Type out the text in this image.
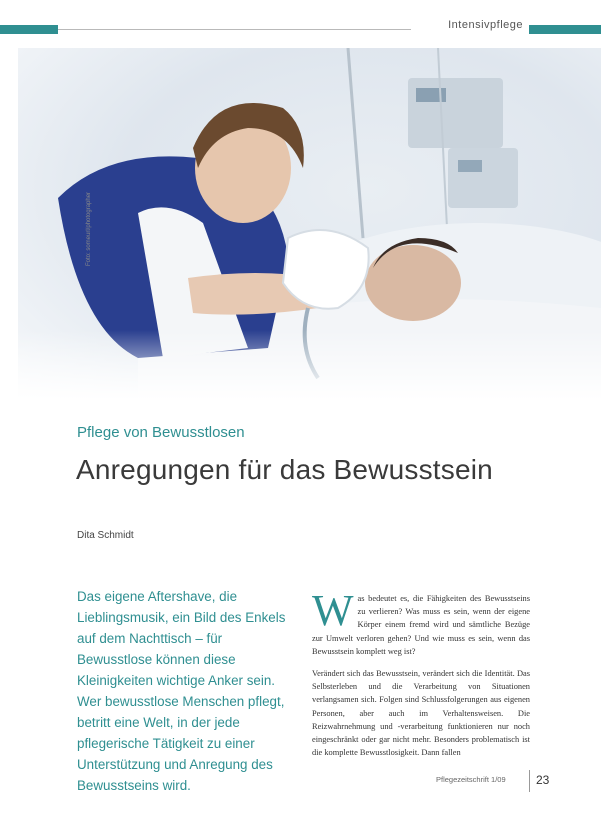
Intensivpflege
Foto: someurl/photographer
Pflege von Bewusstlosen
Anregungen für das Bewusstsein
Dita Schmidt
Das eigene Aftershave, die Lieblingsmusik, ein Bild des Enkels auf dem Nachttisch – für Bewusstlose können diese Kleinigkeiten wichtige Anker sein. Wer bewusstlose Menschen pflegt, betritt eine Welt, in der jede pflegerische Tätigkeit zu einer Unterstützung und Anregung des Bewusstseins wird.
W as bedeutet es, die Fähigkeiten des Bewusstseins zu verlieren? Was muss es sein, wenn der eigene Körper einem fremd wird und sämtliche Bezüge zur Umwelt verloren gehen? Und wie muss es sein, wenn das Bewusstsein komplett weg ist?
Verändert sich das Bewusstsein, verändert sich die Identität. Das Selbsterleben und die Verarbeitung von Situationen verlangsamen sich. Folgen sind Schlussfolgerungen aus eigenen Personen, aber auch im Verhaltensweisen. Die Reizwahrnehmung und -verarbeitung funktionieren nur noch eingeschränkt oder gar nicht mehr. Besonders problematisch ist die komplette Bewusstlosigkeit. Dann fallen
Pflegezeitschrift 1/09	23
